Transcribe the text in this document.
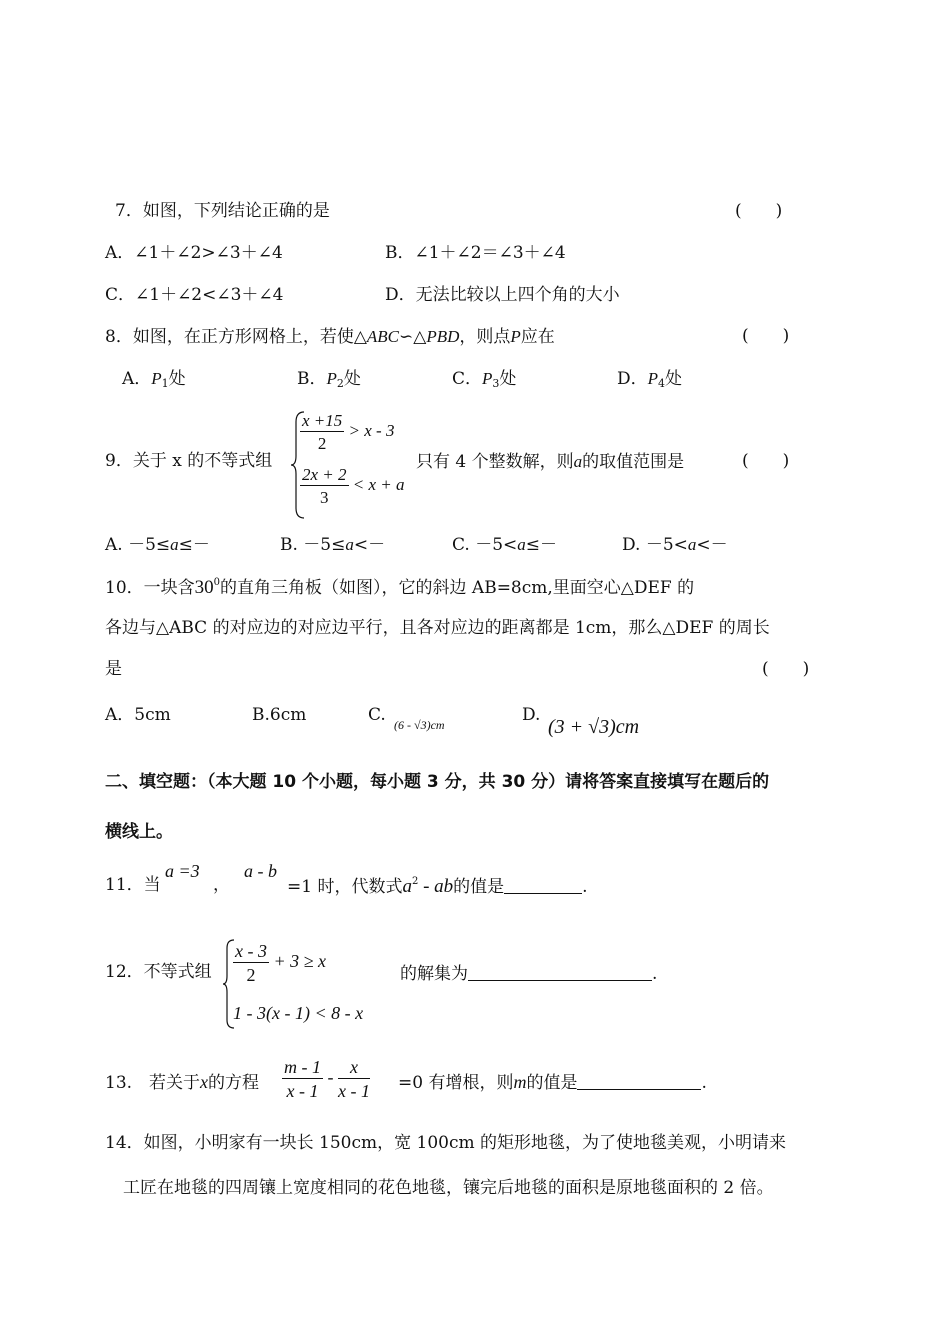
7．如图，下列结论正确的是	(　　)
A．∠1＋∠2>∠3＋∠4	B．∠1＋∠2＝∠3＋∠4
C．∠1＋∠2<∠3＋∠4	D．无法比较以上四个角的大小
8．如图，在正方形网格上，若使△ABC∽△PBD，则点P应在	(　　)
A．$P_1$处	B．$P_2$处	C．$P_3$处	D．$P_4$处
9．关于 x 的不等式组
$\frac{x +15}{2} > x - 3$
$\frac{2x + 2}{3} < x + a$
只有 4 个整数解，则a的取值范围是	(　　)
A. －5≤a≤－	B. －5≤a<－	C. －5<a≤－	D. －5<a<－
10．一块含$30^0$的直角三角板（如图），它的斜边 AB=8cm,里面空心△DEF 的
各边与△ABC 的对应边的对应边平行，且各对应边的距离都是 1cm，那么△DEF 的周长
是	(　　)
A．5cm	B.6cm	C. (6 - √3)cm	D.
(3 + √3)cm
二、填空题：（本大题 10 个小题，每小题 3 分，共 30 分）请将答案直接填写在题后的
横线上。
11．当
a =3
，
a - b
=1 时，代数式$a^2$ - ab的值是	.
12．不等式组 $\frac{x - 3}{2} + 3 \ge x$
1 - 3(x - 1) < 8 - x
的解集为	.
13.　若关于x的方程 $\frac{m - 1}{x - 1} - \frac{x}{x - 1} =0$ 有增根，则m的值是	.
14．如图，小明家有一块长 150cm，宽 100cm 的矩形地毯，为了使地毯美观，小明请来
工匠在地毯的四周镶上宽度相同的花色地毯，镶完后地毯的面积是原地毯面积的 2 倍。
